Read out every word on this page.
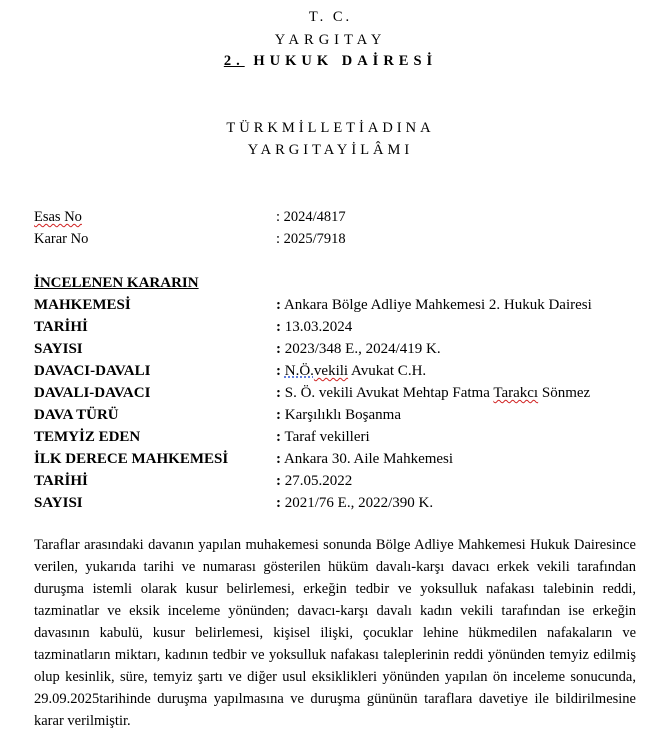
T. C.
YARGITAY
2. HUKUK DAİRESİ
TÜRKMİLLETİADINA
YARGITAYİLÂMI
Esas No	: 2024/4817
Karar No	: 2025/7918
İNCELENEN KARARIN
MAHKEMESİ	: Ankara Bölge Adliye Mahkemesi 2. Hukuk Dairesi
TARİHİ	: 13.03.2024
SAYISI	: 2023/348 E., 2024/419 K.
DAVACI-DAVALI	: N.Ö.vekili Avukat C.H.
DAVALI-DAVACI	: S. Ö. vekili Avukat Mehtap Fatma Tarakcı Sönmez
DAVA TÜRÜ	: Karşılıklı Boşanma
TEMYİZ EDEN	: Taraf vekilleri
İLK DERECE MAHKEMESİ	: Ankara 30. Aile Mahkemesi
TARİHİ	: 27.05.2022
SAYISI	: 2021/76 E., 2022/390 K.

Taraflar arasındaki davanın yapılan muhakemesi sonunda Bölge Adliye Mahkemesi Hukuk Dairesince verilen, yukarıda tarihi ve numarası gösterilen hüküm davalı-karşı davacı erkek vekili tarafından duruşma istemli olarak kusur belirlemesi, erkeğin tedbir ve yoksulluk nafakası talebinin reddi, tazminatlar ve eksik inceleme yönünden; davacı-karşı davalı kadın vekili tarafından ise erkeğin davasının kabulü, kusur belirlemesi, kişisel ilişki, çocuklar lehine hükmedilen nafakaların ve tazminatların miktarı, kadının tedbir ve yoksulluk nafakası taleplerinin reddi yönünden temyiz edilmiş olup kesinlik, süre, temyiz şartı ve diğer usul eksiklikleri yönünden yapılan ön inceleme sonucunda, 29.09.2025tarihinde duruşma yapılmasına ve duruşma gününün taraflara davetiye ile bildirilmesine karar verilmiştir.
